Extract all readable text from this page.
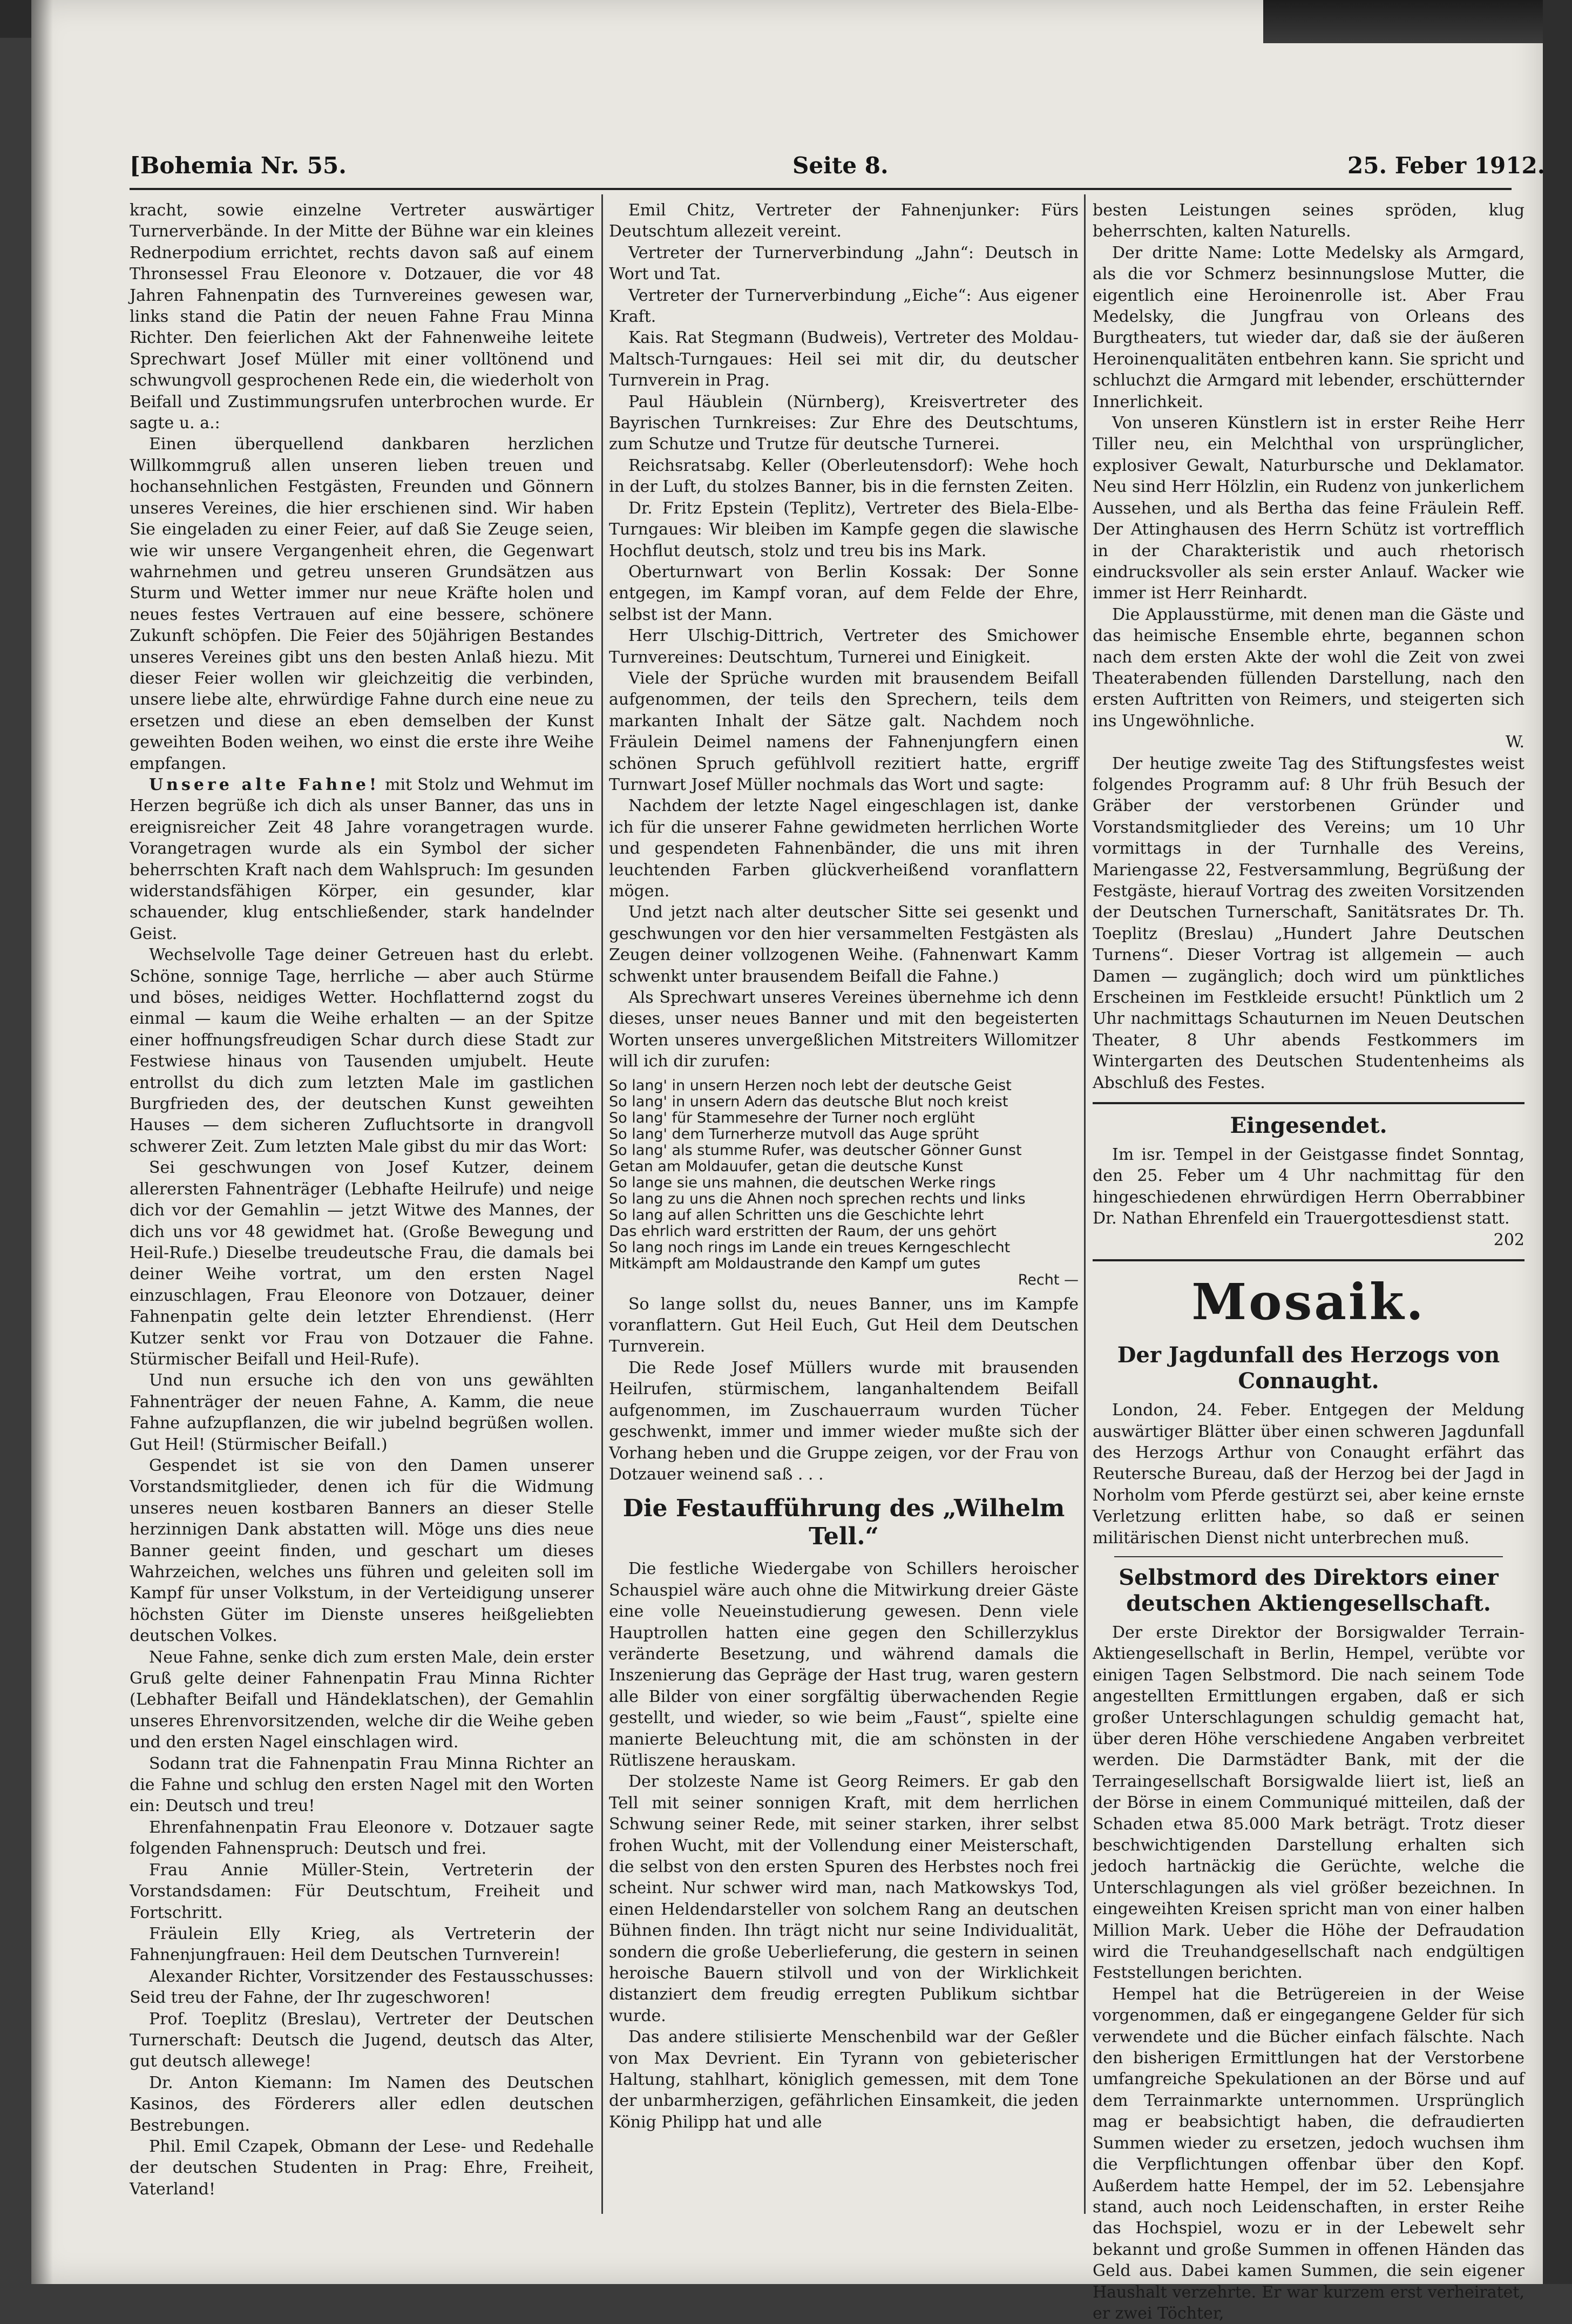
[Bohemia Nr. 55.	Seite 8.	25. Feber 1912.

kracht, sowie einzelne Vertreter auswärtiger Turnerverbände. In der Mitte der Bühne war ein kleines Rednerpodium errichtet, rechts davon saß auf einem Thronsessel Frau Eleonore v. Dotzauer, die vor 48 Jahren Fahnenpatin des Turnvereines gewesen war, links stand die Patin der neuen Fahne Frau Minna Richter. Den feierlichen Akt der Fahnenweihe leitete Sprechwart Josef Müller mit einer volltönend und schwungvoll gesprochenen Rede ein, die wiederholt von Beifall und Zustimmungsrufen unterbrochen wurde. Er sagte u. a.:

Einen überquellend dankbaren herzlichen Willkommgruß allen unseren lieben treuen und hochansehnlichen Festgästen, Freunden und Gönnern unseres Vereines, die hier erschienen sind. Wir haben Sie eingeladen zu einer Feier, auf daß Sie Zeuge seien, wie wir unsere Vergangenheit ehren, die Gegenwart wahrnehmen und getreu unseren Grundsätzen aus Sturm und Wetter immer nur neue Kräfte holen und neues festes Vertrauen auf eine bessere, schönere Zukunft schöpfen. Die Feier des 50jährigen Bestandes unseres Vereines gibt uns den besten Anlaß hiezu. Mit dieser Feier wollen wir gleichzeitig die verbinden, unsere liebe alte, ehrwürdige Fahne durch eine neue zu ersetzen und diese an eben demselben der Kunst geweihten Boden weihen, wo einst die erste ihre Weihe empfangen.

Unsere alte Fahne! mit Stolz und Wehmut im Herzen begrüße ich dich als unser Banner, das uns in ereignisreicher Zeit 48 Jahre vorangetragen wurde. Vorangetragen wurde als ein Symbol der sicher beherrschten Kraft nach dem Wahlspruch: Im gesunden widerstandsfähigen Körper, ein gesunder, klar schauender, klug entschließender, stark handelnder Geist.

Wechselvolle Tage deiner Getreuen hast du erlebt. Schöne, sonnige Tage, herrliche — aber auch Stürme und böses, neidiges Wetter. Hochflatternd zogst du einmal — kaum die Weihe erhalten — an der Spitze einer hoffnungsfreudigen Schar durch diese Stadt zur Festwiese hinaus von Tausenden umjubelt. Heute entrollst du dich zum letzten Male im gastlichen Burgfrieden des, der deutschen Kunst geweihten Hauses — dem sicheren Zufluchtsorte in drangvoll schwerer Zeit. Zum letzten Male gibst du mir das Wort:

Sei geschwungen von Josef Kutzer, deinem allerersten Fahnenträger (Lebhafte Heilrufe) und neige dich vor der Gemahlin — jetzt Witwe des Mannes, der dich uns vor 48 gewidmet hat. (Große Bewegung und Heil-Rufe.) Dieselbe treudeutsche Frau, die damals bei deiner Weihe vortrat, um den ersten Nagel einzuschlagen, Frau Eleonore von Dotzauer, deiner Fahnenpatin gelte dein letzter Ehrendienst. (Herr Kutzer senkt vor Frau von Dotzauer die Fahne. Stürmischer Beifall und Heil-Rufe).

Und nun ersuche ich den von uns gewählten Fahnenträger der neuen Fahne, A. Kamm, die neue Fahne aufzupflanzen, die wir jubelnd begrüßen wollen. Gut Heil! (Stürmischer Beifall.)

Gespendet ist sie von den Damen unserer Vorstandsmitglieder, denen ich für die Widmung unseres neuen kostbaren Banners an dieser Stelle herzinnigen Dank abstatten will. Möge uns dies neue Banner geeint finden, und geschart um dieses Wahrzeichen, welches uns führen und geleiten soll im Kampf für unser Volkstum, in der Verteidigung unserer höchsten Güter im Dienste unseres heißgeliebten deutschen Volkes.

Neue Fahne, senke dich zum ersten Male, dein erster Gruß gelte deiner Fahnenpatin Frau Minna Richter (Lebhafter Beifall und Händeklatschen), der Gemahlin unseres Ehrenvorsitzenden, welche dir die Weihe geben und den ersten Nagel einschlagen wird.

Sodann trat die Fahnenpatin Frau Minna Richter an die Fahne und schlug den ersten Nagel mit den Worten ein: Deutsch und treu!

Ehrenfahnenpatin Frau Eleonore v. Dotzauer sagte folgenden Fahnenspruch: Deutsch und frei.

Frau Annie Müller-Stein, Vertreterin der Vorstandsdamen: Für Deutschtum, Freiheit und Fortschritt.

Fräulein Elly Krieg, als Vertreterin der Fahnenjungfrauen: Heil dem Deutschen Turnverein!

Alexander Richter, Vorsitzender des Festausschusses: Seid treu der Fahne, der Ihr zugeschworen!

Prof. Toeplitz (Breslau), Vertreter der Deutschen Turnerschaft: Deutsch die Jugend, deutsch das Alter, gut deutsch allewege!

Dr. Anton Kiemann: Im Namen des Deutschen Kasinos, des Förderers aller edlen deutschen Bestrebungen.

Phil. Emil Czapek, Obmann der Lese- und Redehalle der deutschen Studenten in Prag: Ehre, Freiheit, Vaterland!

Emil Chitz, Vertreter der Fahnenjunker: Fürs Deutschtum allezeit vereint.

Vertreter der Turnerverbindung „Jahn“: Deutsch in Wort und Tat.

Vertreter der Turnerverbindung „Eiche“: Aus eigener Kraft.

Kais. Rat Stegmann (Budweis), Vertreter des Moldau-Maltsch-Turngaues: Heil sei mit dir, du deutscher Turnverein in Prag.

Paul Häublein (Nürnberg), Kreisvertreter des Bayrischen Turnkreises: Zur Ehre des Deutschtums, zum Schutze und Trutze für deutsche Turnerei.

Reichsratsabg. Keller (Oberleutensdorf): Wehe hoch in der Luft, du stolzes Banner, bis in die fernsten Zeiten.

Dr. Fritz Epstein (Teplitz), Vertreter des Biela-Elbe-Turngaues: Wir bleiben im Kampfe gegen die slawische Hochflut deutsch, stolz und treu bis ins Mark.

Oberturnwart von Berlin Kossak: Der Sonne entgegen, im Kampf voran, auf dem Felde der Ehre, selbst ist der Mann.

Herr Ulschig-Dittrich, Vertreter des Smichower Turnvereines: Deutschtum, Turnerei und Einigkeit.

Viele der Sprüche wurden mit brausendem Beifall aufgenommen, der teils den Sprechern, teils dem markanten Inhalt der Sätze galt. Nachdem noch Fräulein Deimel namens der Fahnenjungfern einen schönen Spruch gefühlvoll rezitiert hatte, ergriff Turnwart Josef Müller nochmals das Wort und sagte:

Nachdem der letzte Nagel eingeschlagen ist, danke ich für die unserer Fahne gewidmeten herrlichen Worte und gespendeten Fahnenbänder, die uns mit ihren leuchtenden Farben glückverheißend voranflattern mögen.

Und jetzt nach alter deutscher Sitte sei gesenkt und geschwungen vor den hier versammelten Festgästen als Zeugen deiner vollzogenen Weihe. (Fahnenwart Kamm schwenkt unter brausendem Beifall die Fahne.)

Als Sprechwart unseres Vereines übernehme ich denn dieses, unser neues Banner und mit den begeisterten Worten unseres unvergeßlichen Mitstreiters Willomitzer will ich dir zurufen:

So lang' in unsern Herzen noch lebt der deutsche Geist
So lang' in unsern Adern das deutsche Blut noch kreist
So lang' für Stammesehre der Turner noch erglüht
So lang' dem Turnerherze mutvoll das Auge sprüht
So lang' als stumme Rufer, was deutscher Gönner Gunst
Getan am Moldauufer, getan die deutsche Kunst
So lange sie uns mahnen, die deutschen Werke rings
So lang zu uns die Ahnen noch sprechen rechts und links
So lang auf allen Schritten uns die Geschichte lehrt
Das ehrlich ward erstritten der Raum, der uns gehört
So lang noch rings im Lande ein treues Kerngeschlecht
Mitkämpft am Moldaustrande den Kampf um gutes
Recht —

So lange sollst du, neues Banner, uns im Kampfe voranflattern. Gut Heil Euch, Gut Heil dem Deutschen Turnverein.

Die Rede Josef Müllers wurde mit brausenden Heilrufen, stürmischem, langanhaltendem Beifall aufgenommen, im Zuschauerraum wurden Tücher geschwenkt, immer und immer wieder mußte sich der Vorhang heben und die Gruppe zeigen, vor der Frau von Dotzauer weinend saß . . .

Die Festaufführung des „Wilhelm Tell.“

Die festliche Wiedergabe von Schillers heroischer Schauspiel wäre auch ohne die Mitwirkung dreier Gäste eine volle Neueinstudierung gewesen. Denn viele Hauptrollen hatten eine gegen den Schillerzyklus veränderte Besetzung, und während damals die Inszenierung das Gepräge der Hast trug, waren gestern alle Bilder von einer sorgfältig überwachenden Regie gestellt, und wieder, so wie beim „Faust“, spielte eine manierte Beleuchtung mit, die am schönsten in der Rütliszene herauskam.

Der stolzeste Name ist Georg Reimers. Er gab den Tell mit seiner sonnigen Kraft, mit dem herrlichen Schwung seiner Rede, mit seiner starken, ihrer selbst frohen Wucht, mit der Vollendung einer Meisterschaft, die selbst von den ersten Spuren des Herbstes noch frei scheint. Nur schwer wird man, nach Matkowskys Tod, einen Heldendarsteller von solchem Rang an deutschen Bühnen finden. Ihn trägt nicht nur seine Individualität, sondern die große Ueberlieferung, die gestern in seinen heroische Bauern stilvoll und von der Wirklichkeit distanziert dem freudig erregten Publikum sichtbar wurde.

Das andere stilisierte Menschenbild war der Geßler von Max Devrient. Ein Tyrann von gebieterischer Haltung, stahlhart, königlich gemessen, mit dem Tone der unbarmherzigen, gefährlichen Einsamkeit, die jeden König Philipp hat und alle

besten Leistungen seines spröden, klug beherrschten, kalten Naturells.

Der dritte Name: Lotte Medelsky als Armgard, als die vor Schmerz besinnungslose Mutter, die eigentlich eine Heroinenrolle ist. Aber Frau Medelsky, die Jungfrau von Orleans des Burgtheaters, tut wieder dar, daß sie der äußeren Heroinenqualitäten entbehren kann. Sie spricht und schluchzt die Armgard mit lebender, erschütternder Innerlichkeit.

Von unseren Künstlern ist in erster Reihe Herr Tiller neu, ein Melchthal von ursprünglicher, explosiver Gewalt, Naturbursche und Deklamator. Neu sind Herr Hölzlin, ein Rudenz von junkerlichem Aussehen, und als Bertha das feine Fräulein Reff. Der Attinghausen des Herrn Schütz ist vortrefflich in der Charakteristik und auch rhetorisch eindrucksvoller als sein erster Anlauf. Wacker wie immer ist Herr Reinhardt.

Die Applausstürme, mit denen man die Gäste und das heimische Ensemble ehrte, begannen schon nach dem ersten Akte der wohl die Zeit von zwei Theaterabenden füllenden Darstellung, nach den ersten Auftritten von Reimers, und steigerten sich ins Ungewöhnliche.

W.

Der heutige zweite Tag des Stiftungsfestes weist folgendes Programm auf: 8 Uhr früh Besuch der Gräber der verstorbenen Gründer und Vorstandsmitglieder des Vereins; um 10 Uhr vormittags in der Turnhalle des Vereins, Mariengasse 22, Festversammlung, Begrüßung der Festgäste, hierauf Vortrag des zweiten Vorsitzenden der Deutschen Turnerschaft, Sanitätsrates Dr. Th. Toeplitz (Breslau) „Hundert Jahre Deutschen Turnens“. Dieser Vortrag ist allgemein — auch Damen — zugänglich; doch wird um pünktliches Erscheinen im Festkleide ersucht! Pünktlich um 2 Uhr nachmittags Schauturnen im Neuen Deutschen Theater, 8 Uhr abends Festkommers im Wintergarten des Deutschen Studentenheims als Abschluß des Festes.

Eingesendet.

Im isr. Tempel in der Geistgasse findet Sonntag, den 25. Feber um 4 Uhr nachmittag für den hingeschiedenen ehrwürdigen Herrn Oberrabbiner Dr. Nathan Ehrenfeld ein Trauergottesdienst statt.

202

Mosaik.
Der Jagdunfall des Herzogs von Connaught.

London, 24. Feber. Entgegen der Meldung auswärtiger Blätter über einen schweren Jagdunfall des Herzogs Arthur von Conaught erfährt das Reutersche Bureau, daß der Herzog bei der Jagd in Norholm vom Pferde gestürzt sei, aber keine ernste Verletzung erlitten habe, so daß er seinen militärischen Dienst nicht unterbrechen muß.

Selbstmord des Direktors einer deutschen Aktiengesellschaft.

Der erste Direktor der Borsigwalder Terrain-Aktiengesellschaft in Berlin, Hempel, verübte vor einigen Tagen Selbstmord. Die nach seinem Tode angestellten Ermittlungen ergaben, daß er sich großer Unterschlagungen schuldig gemacht hat, über deren Höhe verschiedene Angaben verbreitet werden. Die Darmstädter Bank, mit der die Terraingesellschaft Borsigwalde liiert ist, ließ an der Börse in einem Communiqué mitteilen, daß der Schaden etwa 85.000 Mark beträgt. Trotz dieser beschwichtigenden Darstellung erhalten sich jedoch hartnäckig die Gerüchte, welche die Unterschlagungen als viel größer bezeichnen. In eingeweihten Kreisen spricht man von einer halben Million Mark. Ueber die Höhe der Defraudation wird die Treuhandgesellschaft nach endgültigen Feststellungen berichten.

Hempel hat die Betrügereien in der Weise vorgenommen, daß er eingegangene Gelder für sich verwendete und die Bücher einfach fälschte. Nach den bisherigen Ermittlungen hat der Verstorbene umfangreiche Spekulationen an der Börse und auf dem Terrainmarkte unternommen. Ursprünglich mag er beabsichtigt haben, die defraudierten Summen wieder zu ersetzen, jedoch wuchsen ihm die Verpflichtungen offenbar über den Kopf. Außerdem hatte Hempel, der im 52. Lebensjahre stand, auch noch Leidenschaften, in erster Reihe das Hochspiel, wozu er in der Lebewelt sehr bekannt und große Summen in offenen Händen das Geld aus. Dabei kamen Summen, die sein eigener Haushalt verzehrte. Er war kurzem erst verheiratet, er zwei Töchter,
